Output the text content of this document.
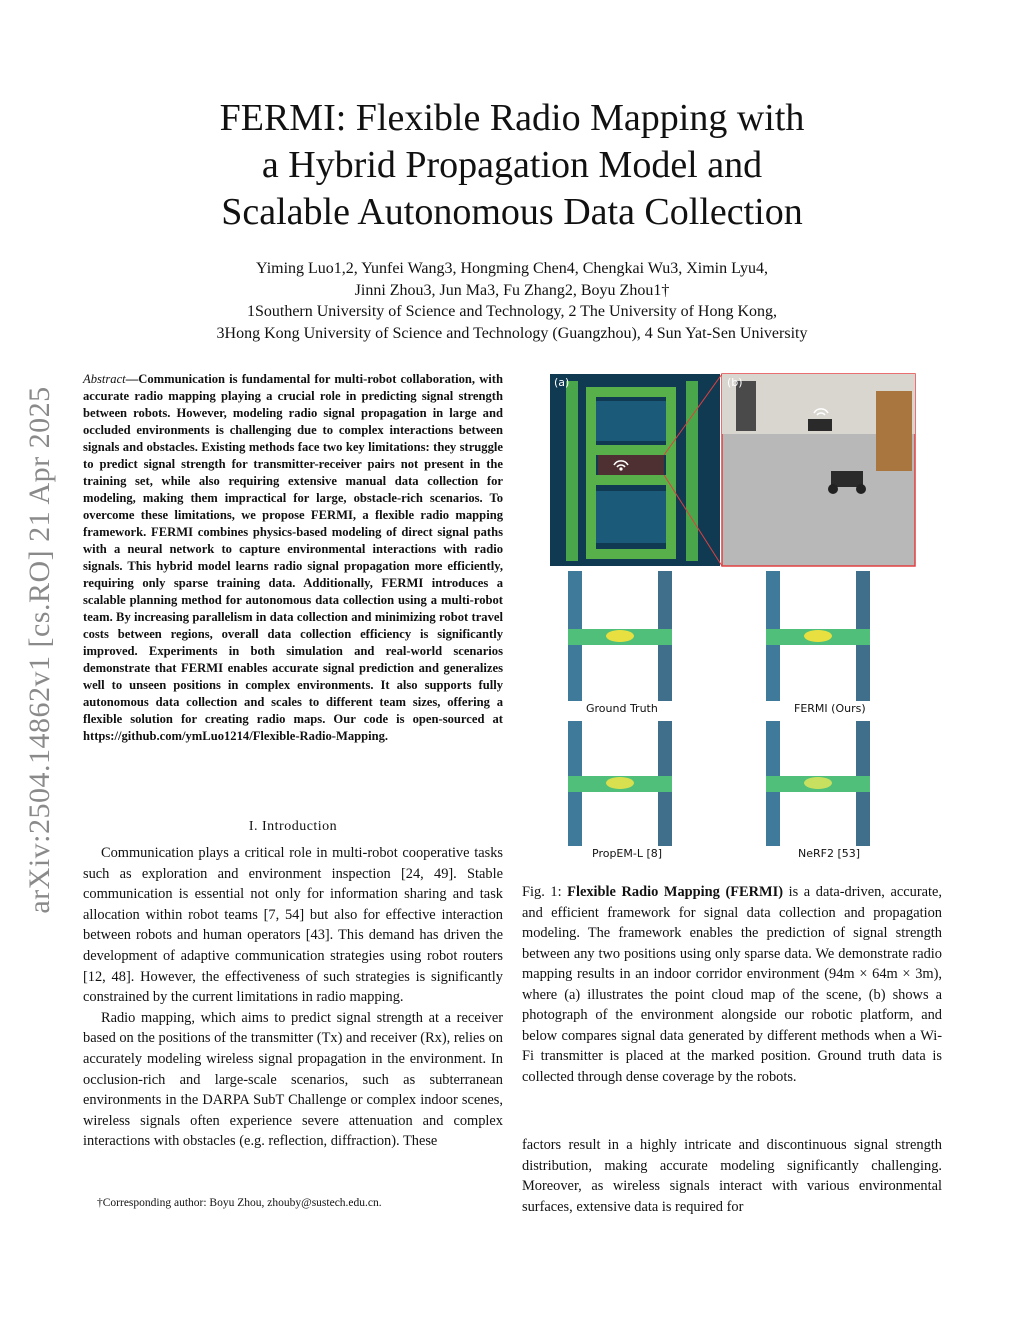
arXiv:2504.14862v1 [cs.RO] 21 Apr 2025
FERMI: Flexible Radio Mapping with
a Hybrid Propagation Model and
Scalable Autonomous Data Collection
Yiming Luo1,2, Yunfei Wang3, Hongming Chen4, Chengkai Wu3, Ximin Lyu4,
Jinni Zhou3, Jun Ma3, Fu Zhang2, Boyu Zhou1†
1Southern University of Science and Technology, 2 The University of Hong Kong,
3Hong Kong University of Science and Technology (Guangzhou), 4 Sun Yat-Sen University
Abstract—Communication is fundamental for multi-robot collaboration, with accurate radio mapping playing a crucial role in predicting signal strength between robots. However, modeling radio signal propagation in large and occluded environments is challenging due to complex interactions between signals and obstacles. Existing methods face two key limitations: they struggle to predict signal strength for transmitter-receiver pairs not present in the training set, while also requiring extensive manual data collection for modeling, making them impractical for large, obstacle-rich scenarios. To overcome these limitations, we propose FERMI, a flexible radio mapping framework. FERMI combines physics-based modeling of direct signal paths with a neural network to capture environmental interactions with radio signals. This hybrid model learns radio signal propagation more efficiently, requiring only sparse training data. Additionally, FERMI introduces a scalable planning method for autonomous data collection using a multi-robot team. By increasing parallelism in data collection and minimizing robot travel costs between regions, overall data collection efficiency is significantly improved. Experiments in both simulation and real-world scenarios demonstrate that FERMI enables accurate signal prediction and generalizes well to unseen positions in complex environments. It also supports fully autonomous data collection and scales to different team sizes, offering a flexible solution for creating radio maps. Our code is open-sourced at https://github.com/ymLuo1214/Flexible-Radio-Mapping.
I. Introduction

Communication plays a critical role in multi-robot cooperative tasks such as exploration and environment inspection [24, 49]. Stable communication is essential not only for information sharing and task allocation within robot teams [7, 54] but also for effective interaction between robots and human operators [43]. This demand has driven the development of adaptive communication strategies using robot routers [12, 48]. However, the effectiveness of such strategies is significantly constrained by the current limitations in radio mapping.

Radio mapping, which aims to predict signal strength at a receiver based on the positions of the transmitter (Tx) and receiver (Rx), relies on accurately modeling wireless signal propagation in the environment. In occlusion-rich and large-scale scenarios, such as subterranean environments in the DARPA SubT Challenge or complex indoor scenes, wireless signals often experience severe attenuation and complex interactions with obstacles (e.g. reflection, diffraction). These

†Corresponding author: Boyu Zhou, zhouby@sustech.edu.cn.
(a)	(b)
Ground Truth	FERMI (Ours)
PropEM-L [8]	NeRF2 [53]
Fig. 1: Flexible Radio Mapping (FERMI) is a data-driven, accurate, and efficient framework for signal data collection and propagation modeling. The framework enables the prediction of signal strength between any two positions using only sparse data. We demonstrate radio mapping results in an indoor corridor environment (94m × 64m × 3m), where (a) illustrates the point cloud map of the scene, (b) shows a photograph of the environment alongside our robotic platform, and below compares signal data generated by different methods when a Wi-Fi transmitter is placed at the marked position. Ground truth data is collected through dense coverage by the robots.
factors result in a highly intricate and discontinuous signal strength distribution, making accurate modeling significantly challenging. Moreover, as wireless signals interact with various environmental surfaces, extensive data is required for
